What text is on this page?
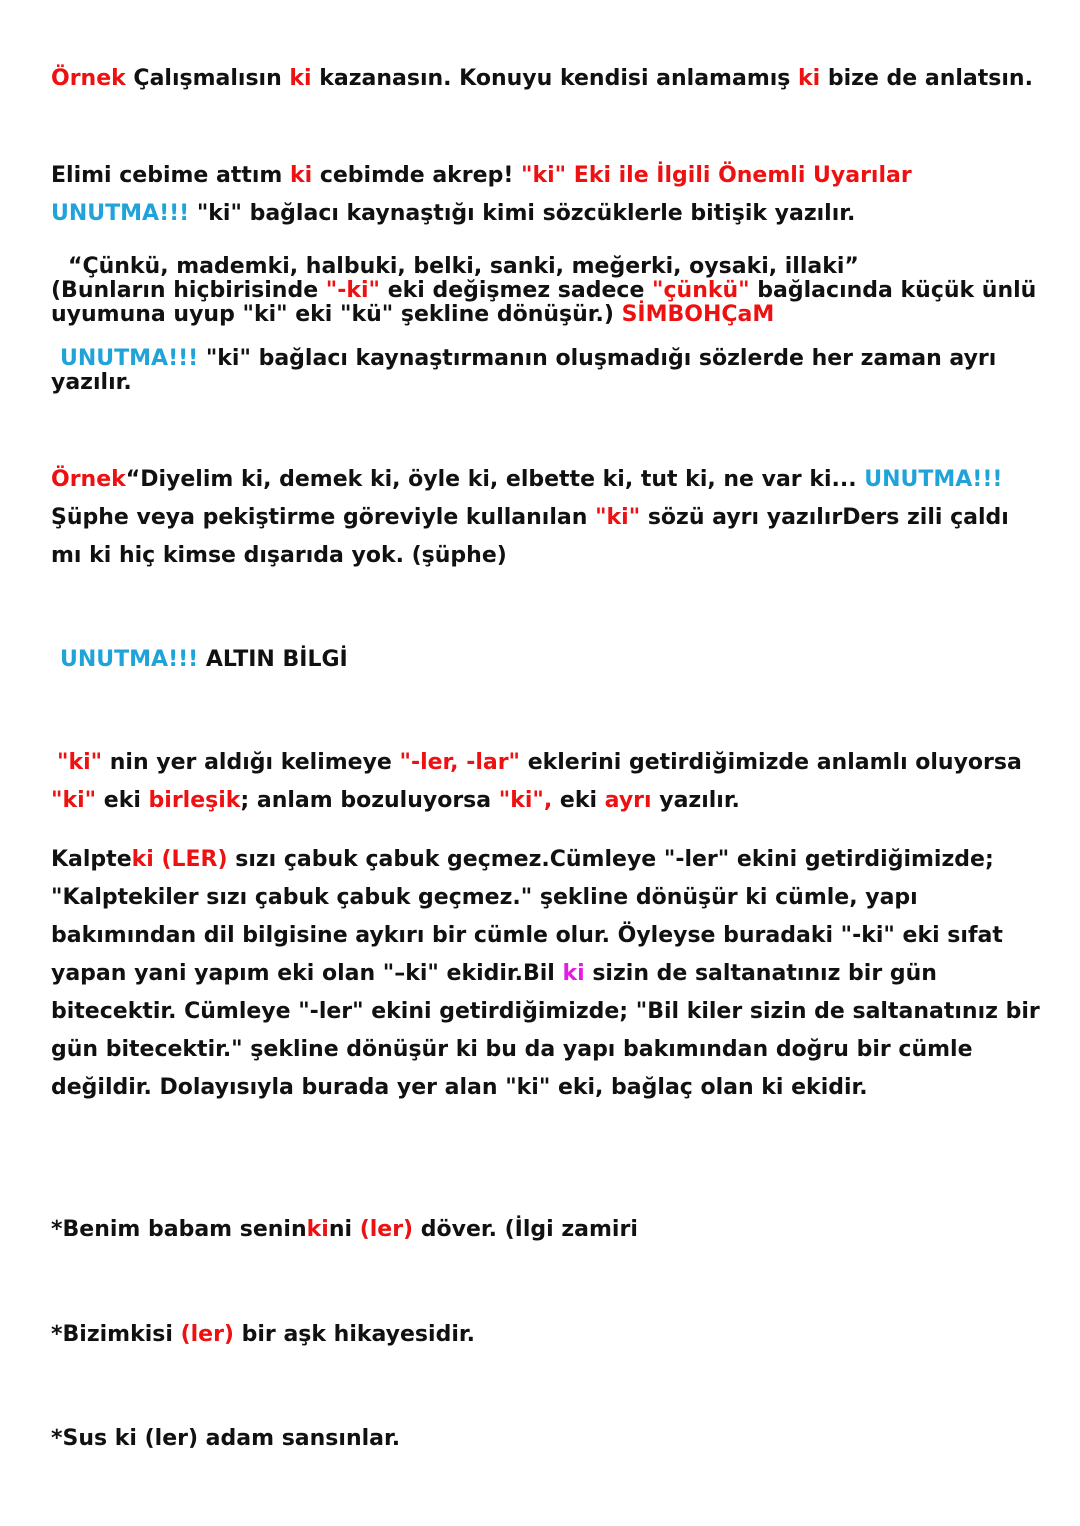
Örnek Çalışmalısın ki kazanasın. Konuyu kendisi anlamamış ki bize de anlatsın.

Elimi cebime attım ki cebimde akrep! "ki" Eki ile İlgili Önemli Uyarılar UNUTMA!!! "ki" bağlacı kaynaştığı kimi sözcüklerle bitişik yazılır.

“Çünkü, mademki, halbuki, belki, sanki, meğerki, oysaki, illaki”
(Bunların hiçbirisinde "-ki" eki değişmez sadece "çünkü" bağlacında küçük ünlü uyumuna uyup "ki" eki "kü" şekline dönüşür.) SİMBOHÇaM

UNUTMA!!! "ki" bağlacı kaynaştırmanın oluşmadığı sözlerde her zaman ayrı yazılır.

Örnek“Diyelim ki, demek ki, öyle ki, elbette ki, tut ki, ne var ki... UNUTMA!!! Şüphe veya pekiştirme göreviyle kullanılan "ki" sözü ayrı yazılırDers zili çaldı mı ki hiç kimse dışarıda yok. (şüphe)

UNUTMA!!! ALTIN BİLGİ

"ki" nin yer aldığı kelimeye "-ler, -lar" eklerini getirdiğimizde anlamlı oluyorsa "ki" eki birleşik; anlam bozuluyorsa "ki", eki ayrı yazılır.

Kalpteki (LER) sızı çabuk çabuk geçmez.Cümleye "-ler" ekini getirdiğimizde; "Kalptekiler sızı çabuk çabuk geçmez." şekline dönüşür ki cümle, yapı bakımından dil bilgisine aykırı bir cümle olur. Öyleyse buradaki "-ki" eki sıfat yapan yani yapım eki olan "–ki" ekidir.Bil ki sizin de saltanatınız bir gün bitecektir. Cümleye "-ler" ekini getirdiğimizde; "Bil kiler sizin de saltanatınız bir gün bitecektir." şekline dönüşür ki bu da yapı bakımından doğru bir cümle değildir. Dolayısıyla burada yer alan "ki" eki, bağlaç olan ki ekidir.

*Benim babam seninkini (ler) döver. (İlgi zamiri

*Bizimkisi (ler) bir aşk hikayesidir.

*Sus ki (ler) adam sansınlar.
